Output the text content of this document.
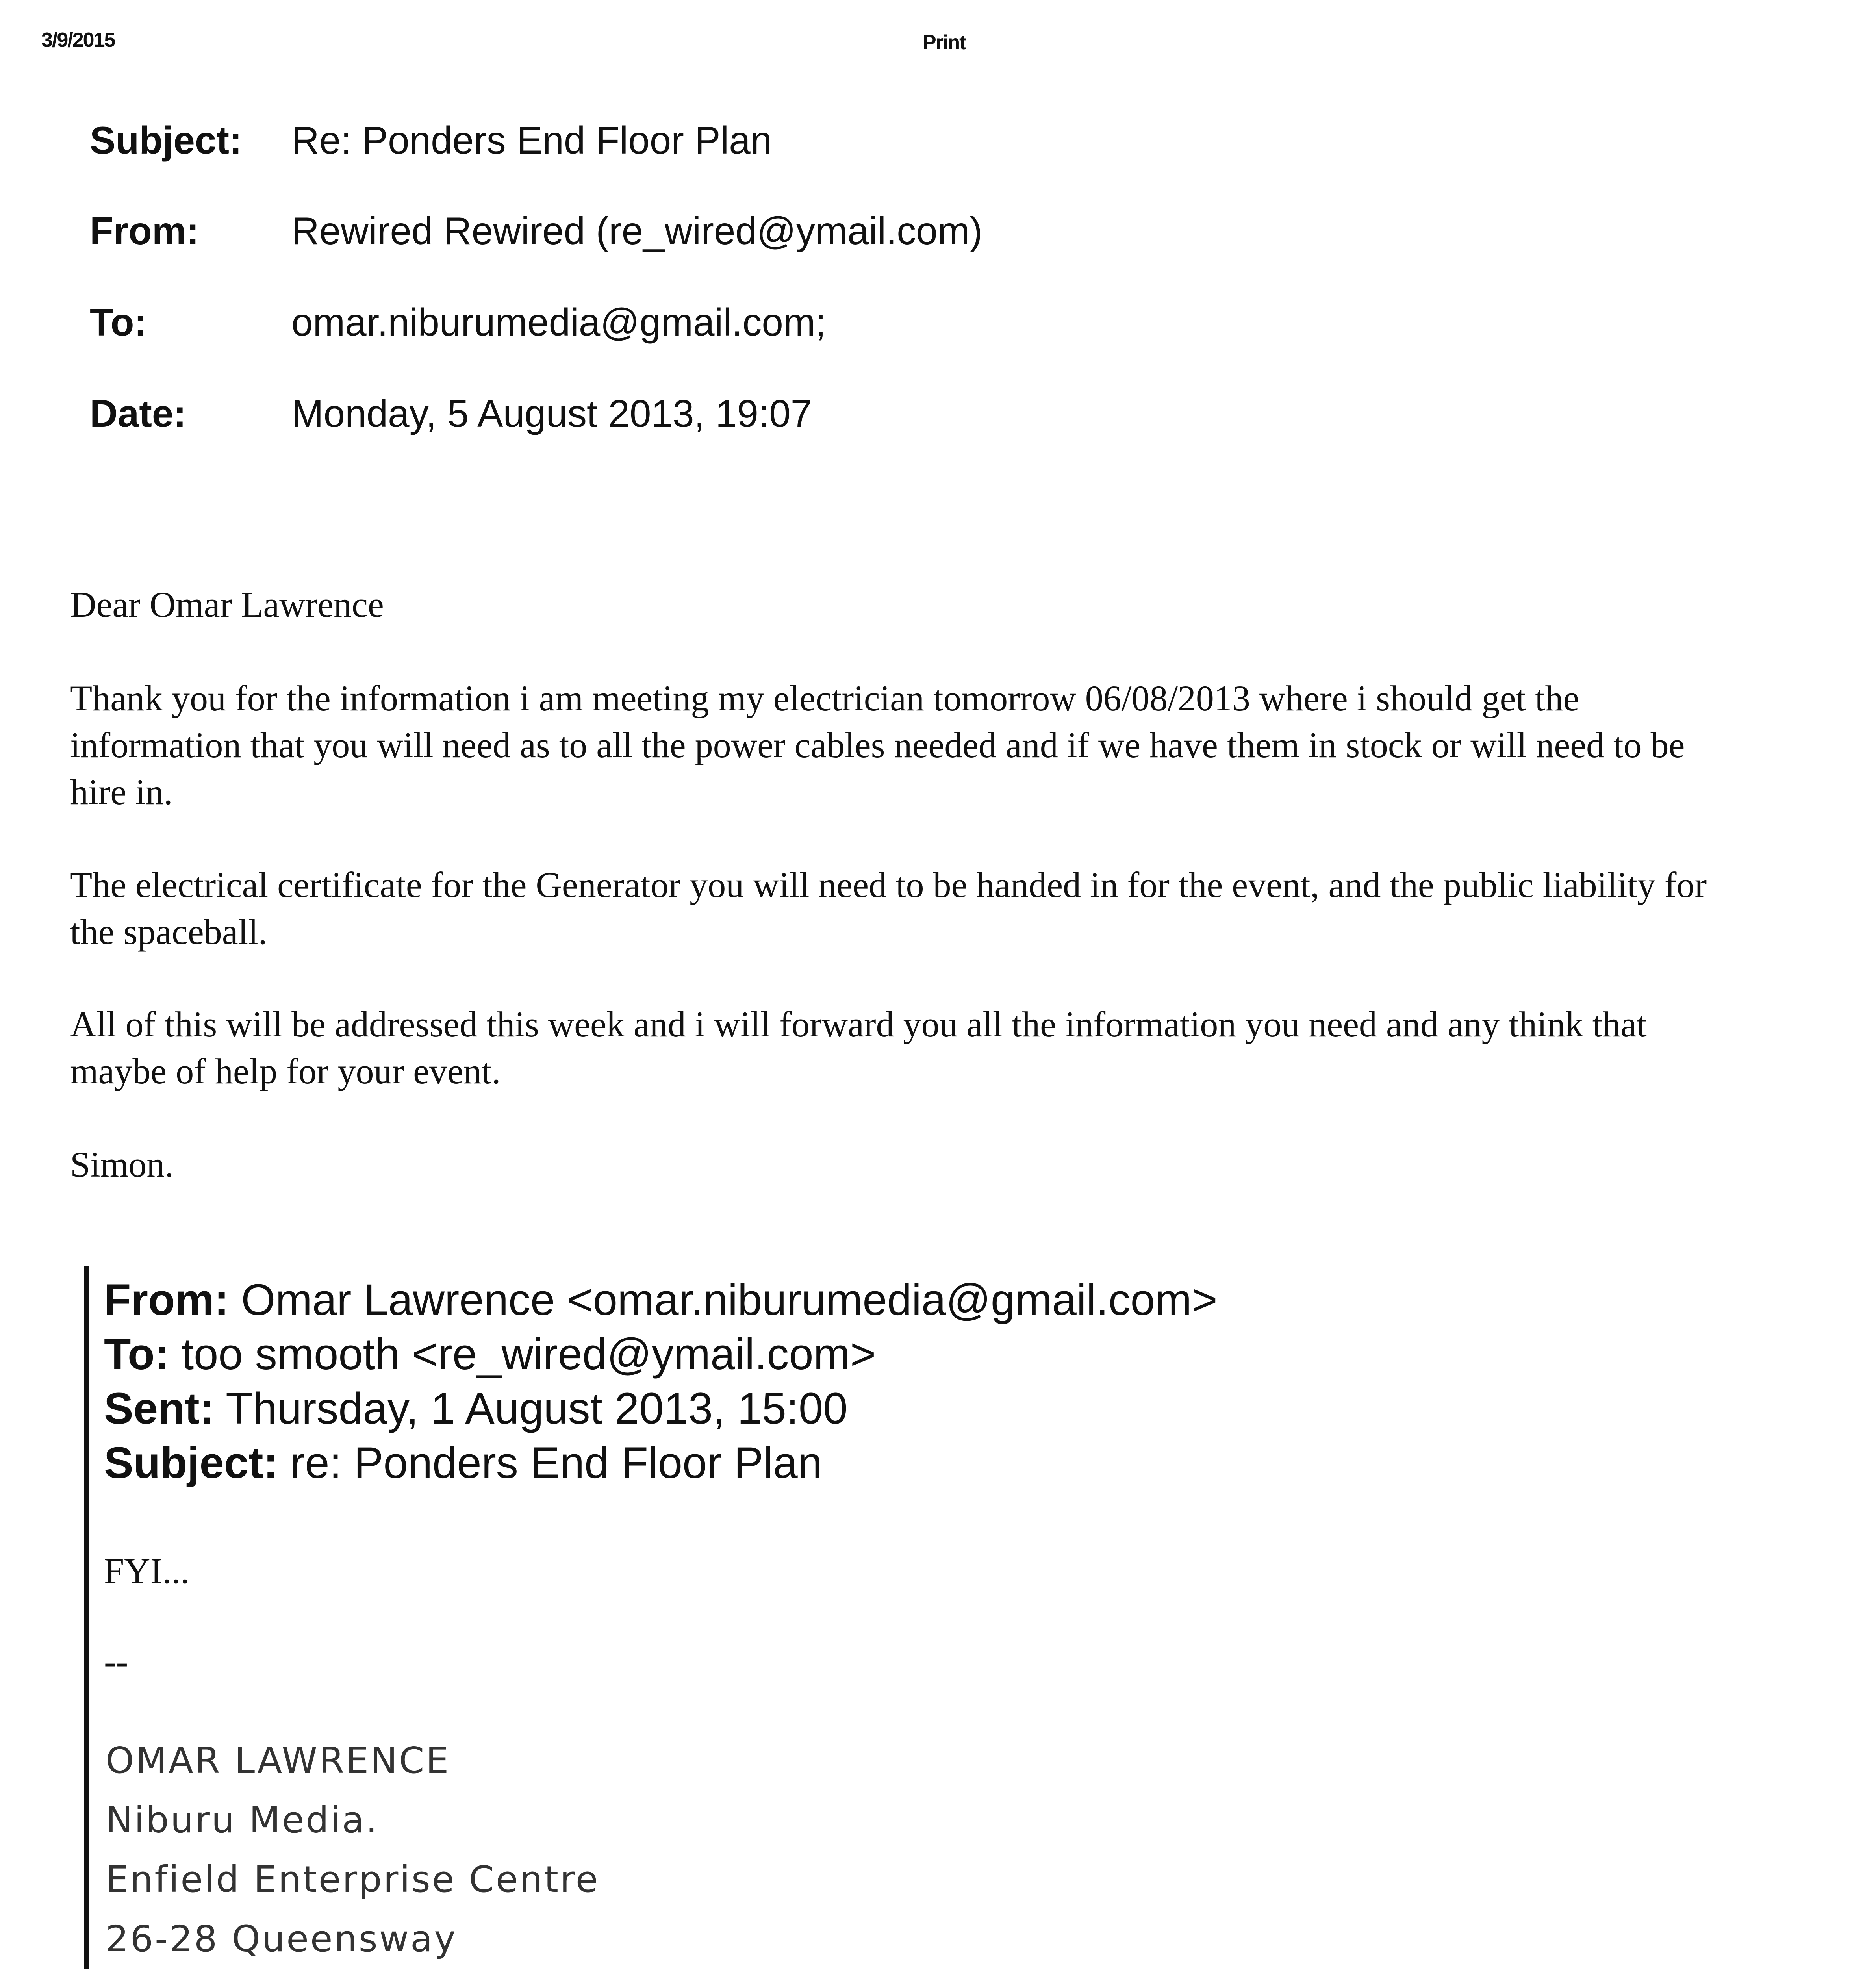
3/9/2015	Print
Subject: Re: Ponders End Floor Plan
From: Rewired Rewired (re_wired@ymail.com)
To:	omar.niburumedia@gmail.com;
Date:	Monday, 5 August 2013, 19:07

Dear Omar Lawrence

Thank you for the information i am meeting my electrician tomorrow 06/08/2013 where i should get the information that you will need as to all the power cables needed and if we have them in stock or will need to be hire in.

The electrical certificate for the Generator you will need to be handed in for the event, and the public liability for the spaceball.

All of this will be addressed this week and i will forward you all the information you need and any think that maybe of help for your event.

Simon.

From: Omar Lawrence <omar.niburumedia@gmail.com>
To: too smooth <re_wired@ymail.com>
Sent: Thursday, 1 August 2013, 15:00
Subject: re: Ponders End Floor Plan

FYI...

--

OMAR LAWRENCE
Niburu Media.
Enfield Enterprise Centre
26-28 Queensway
